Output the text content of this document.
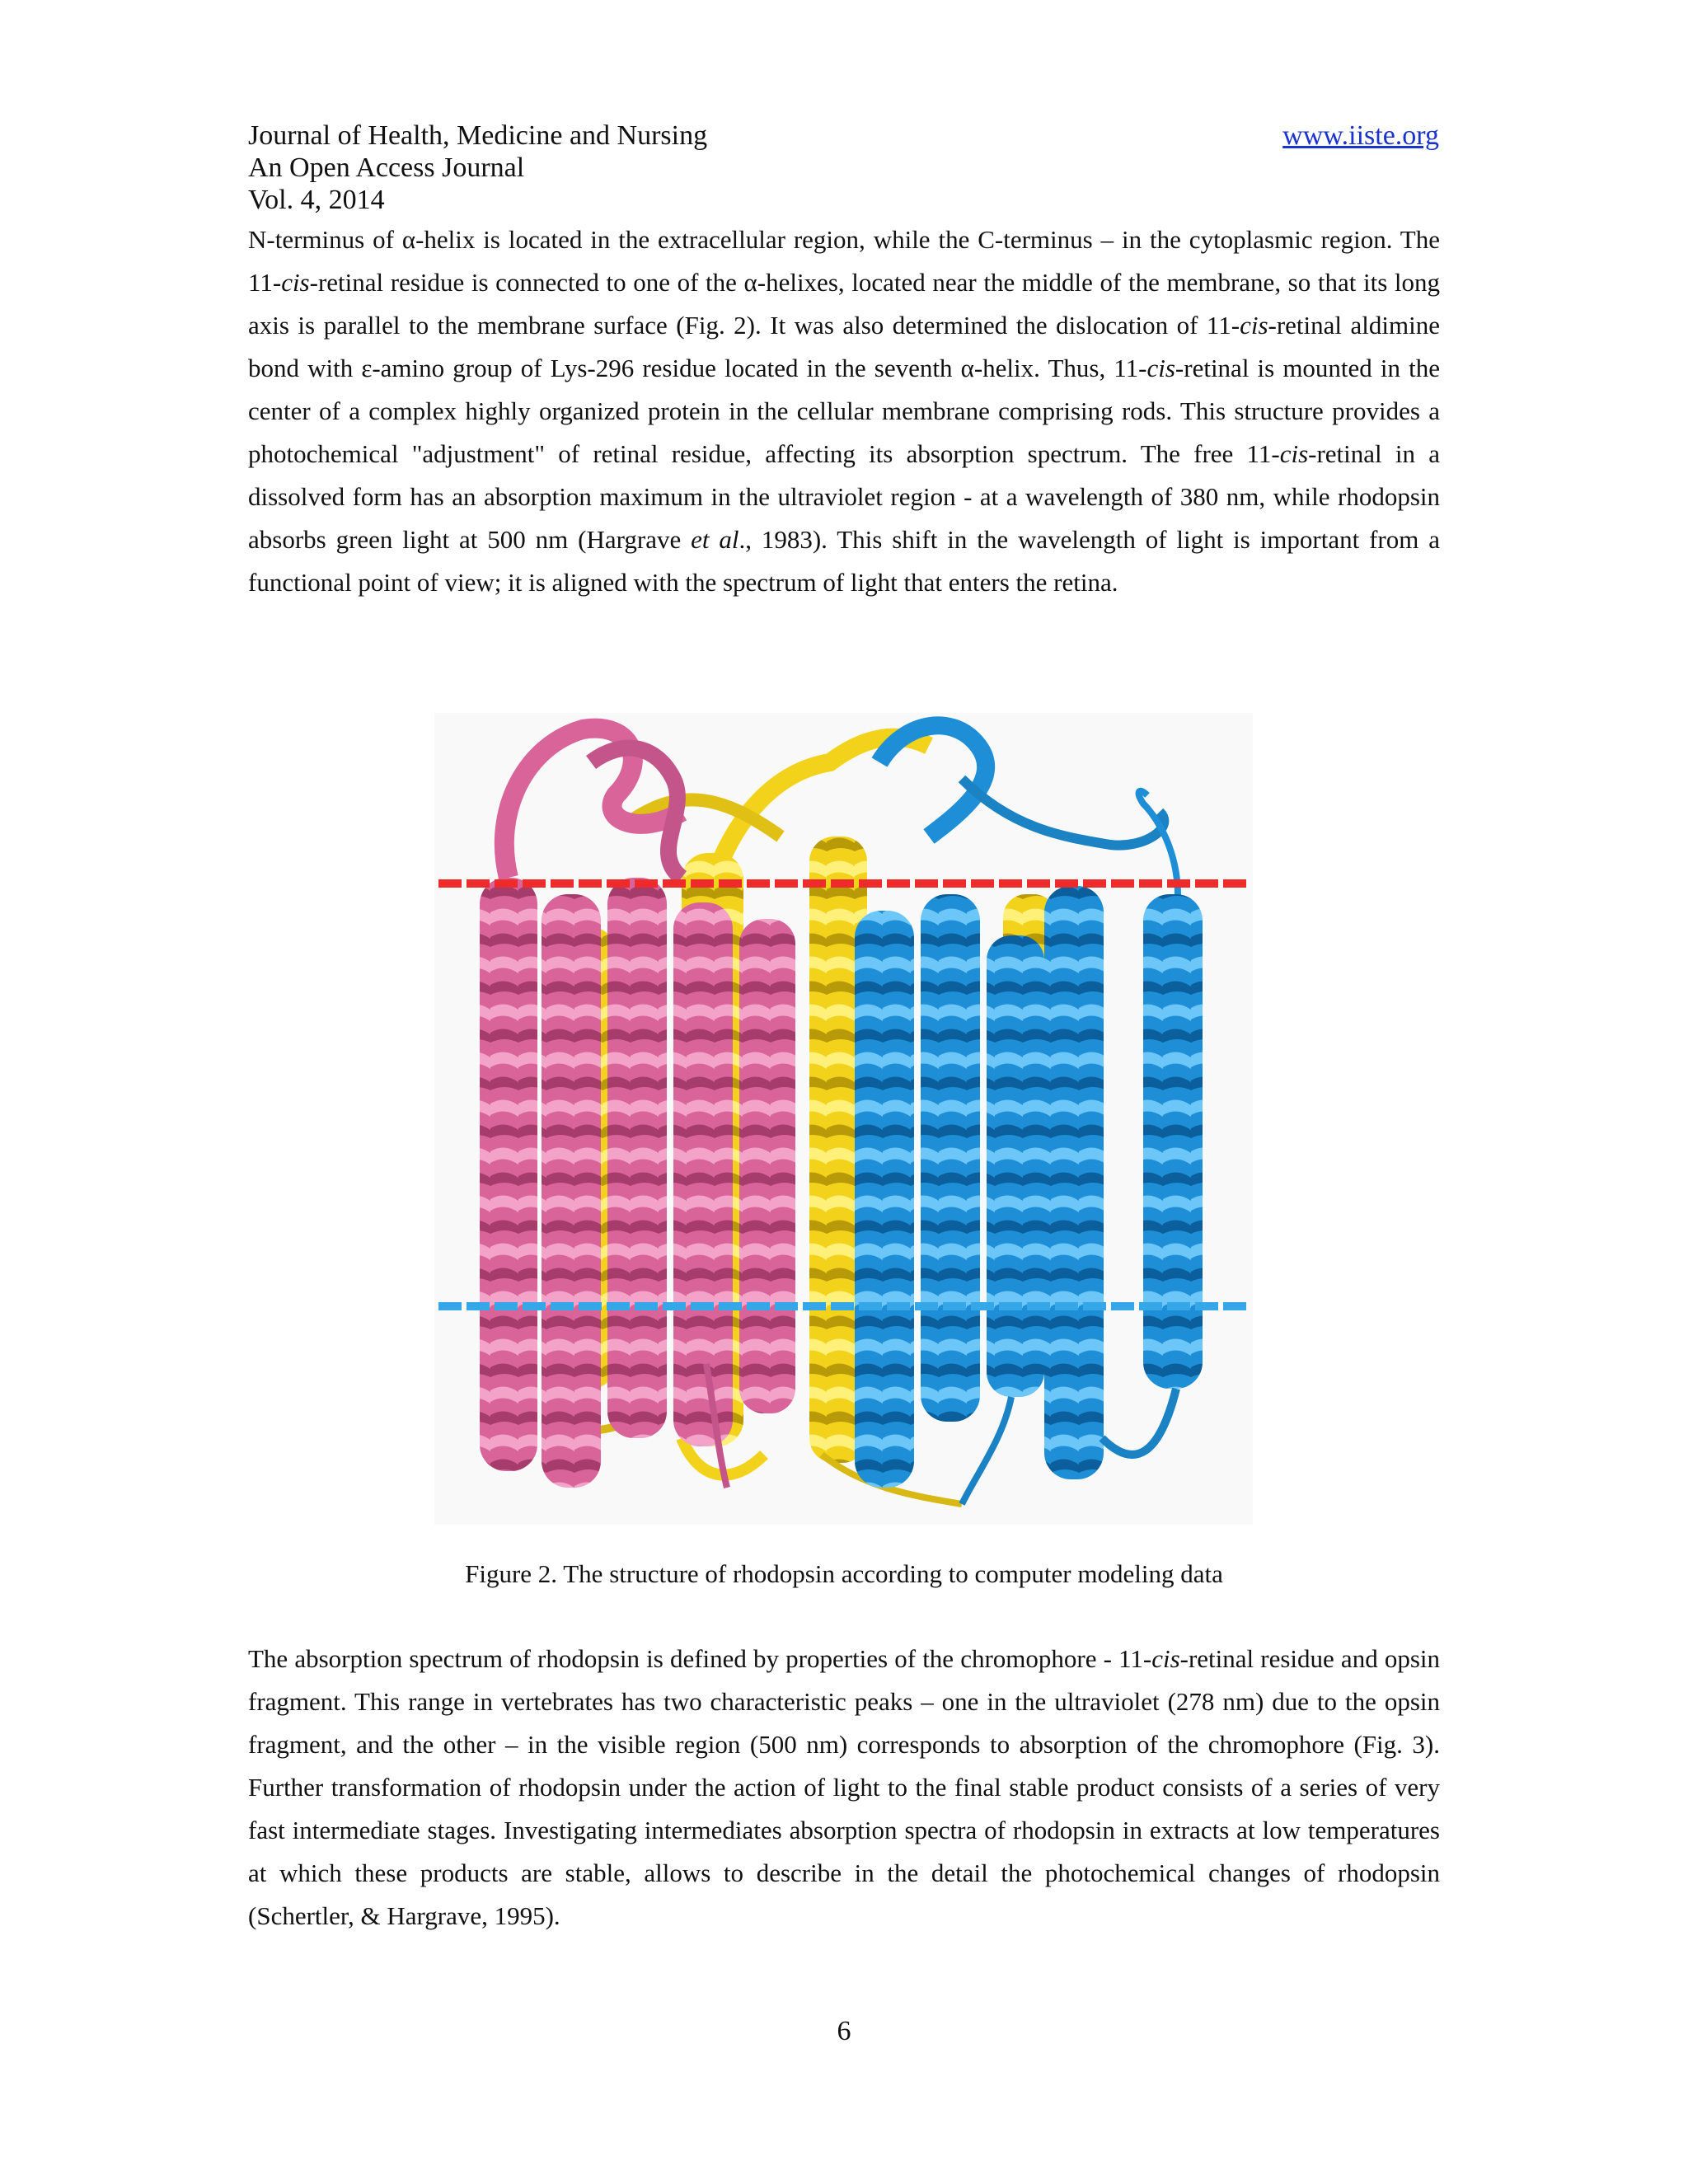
Journal of Health, Medicine and Nursing	www.iiste.org
An Open Access Journal
Vol. 4, 2014

N-terminus of α-helix is located in the extracellular region, while the C-terminus – in the cytoplasmic region. The 11-cis-retinal residue is connected to one of the α-helixes, located near the middle of the membrane, so that its long axis is parallel to the membrane surface (Fig. 2). It was also determined the dislocation of 11-cis-retinal aldimine bond with ε-amino group of Lys-296 residue located in the seventh α-helix. Thus, 11-cis-retinal is mounted in the center of a complex highly organized protein in the cellular membrane comprising rods. This structure provides a photochemical "adjustment" of retinal residue, affecting its absorption spectrum. The free 11-cis-retinal in a dissolved form has an absorption maximum in the ultraviolet region - at a wavelength of 380 nm, while rhodopsin absorbs green light at 500 nm (Hargrave et al., 1983). This shift in the wavelength of light is important from a functional point of view; it is aligned with the spectrum of light that enters the retina.

Figure 2. The structure of rhodopsin according to computer modeling data

The absorption spectrum of rhodopsin is defined by properties of the chromophore - 11-cis-retinal residue and opsin fragment. This range in vertebrates has two characteristic peaks – one in the ultraviolet (278 nm) due to the opsin fragment, and the other – in the visible region (500 nm) corresponds to absorption of the chromophore (Fig. 3). Further transformation of rhodopsin under the action of light to the final stable product consists of a series of very fast intermediate stages. Investigating intermediates absorption spectra of rhodopsin in extracts at low temperatures at which these products are stable, allows to describe in the detail the photochemical changes of rhodopsin (Schertler, & Hargrave, 1995).

6
